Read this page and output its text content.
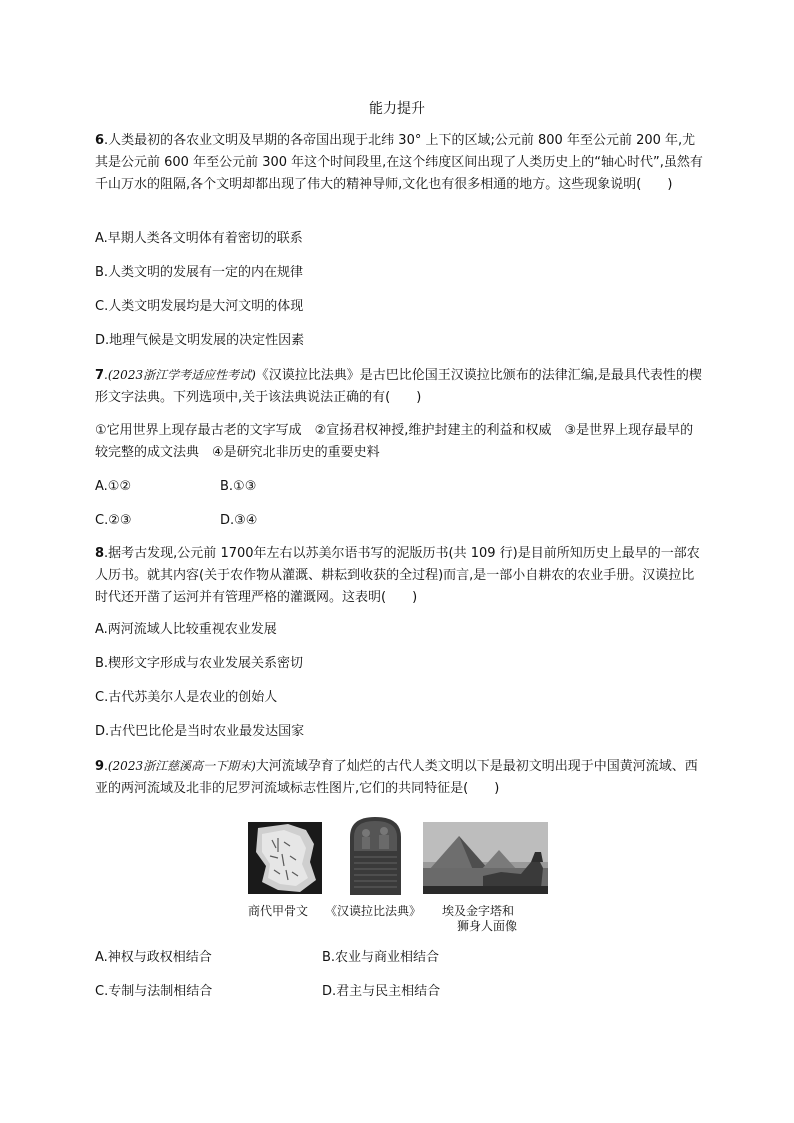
能力提升

6.人类最初的各农业文明及早期的各帝国出现于北纬 30° 上下的区域;公元前 800 年至公元前 200 年,尤其是公元前 600 年至公元前 300 年这个时间段里,在这个纬度区间出现了人类历史上的“轴心时代”,虽然有千山万水的阻隔,各个文明却都出现了伟大的精神导师,文化也有很多相通的地方。这些现象说明(　　)

A.早期人类各文明体有着密切的联系
B.人类文明的发展有一定的内在规律
C.人类文明发展均是大河文明的体现
D.地理气候是文明发展的决定性因素

7.(2023浙江学考适应性考试)《汉谟拉比法典》是古巴比伦国王汉谟拉比颁布的法律汇编,是最具代表性的楔形文字法典。下列选项中,关于该法典说法正确的有(　　)

①它用世界上现存最古老的文字写成　②宣扬君权神授,维护封建主的利益和权威　③是世界上现存最早的较完整的成文法典　④是研究北非历史的重要史料

A.①②	B.①③
C.②③	D.③④

8.据考古发现,公元前 1700年左右以苏美尔语书写的泥版历书(共 109 行)是目前所知历史上最早的一部农人历书。就其内容(关于农作物从灌溉、耕耘到收获的全过程)而言,是一部小自耕农的农业手册。汉谟拉比时代还开凿了运河并有管理严格的灌溉网。这表明(　　)

A.两河流域人比较重视农业发展
B.楔形文字形成与农业发展关系密切
C.古代苏美尔人是农业的创始人
D.古代巴比伦是当时农业最发达国家

9.(2023浙江慈溪高一下期末)大河流域孕育了灿烂的古代人类文明以下是最初文明出现于中国黄河流域、西亚的两河流域及北非的尼罗河流域标志性图片,它们的共同特征是(　　)

商代甲骨文 《汉谟拉比法典》 埃及金字塔和
狮身人面像
A.神权与政权相结合	B.农业与商业相结合
C.专制与法制相结合	D.君主与民主相结合
